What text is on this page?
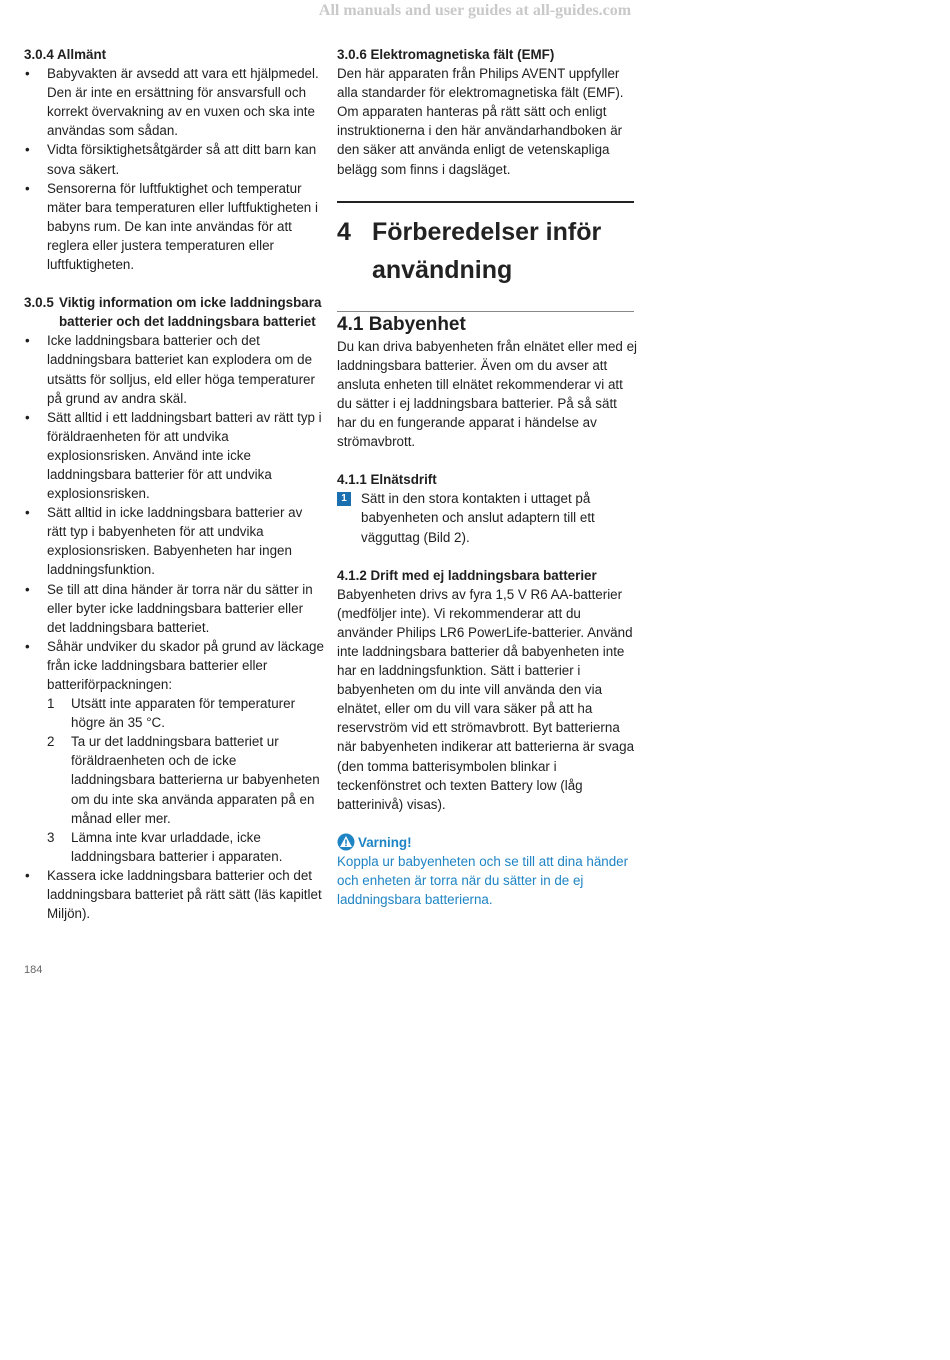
All manuals and user guides at all-guides.com
3.0.4 Allmänt
• Babyvakten är avsedd att vara ett hjälpmedel. Den är inte en ersättning för ansvarsfull och korrekt övervakning av en vuxen och ska inte användas som sådan.
• Vidta försiktighetsåtgärder så att ditt barn kan sova säkert.
• Sensorerna för luftfuktighet och temperatur mäter bara temperaturen eller luftfuktigheten i babyns rum. De kan inte användas för att reglera eller justera temperaturen eller luftfuktigheten.
3.0.5 Viktig information om icke laddningsbara batterier och det laddningsbara batteriet
• Icke laddningsbara batterier och det laddningsbara batteriet kan explodera om de utsätts för solljus, eld eller höga temperaturer på grund av andra skäl.
• Sätt alltid i ett laddningsbart batteri av rätt typ i föräldraenheten för att undvika explosionsrisken. Använd inte icke laddningsbara batterier för att undvika explosionsrisken.
• Sätt alltid in icke laddningsbara batterier av rätt typ i babyenheten för att undvika explosionsrisken. Babyenheten har ingen laddningsfunktion.
• Se till att dina händer är torra när du sätter in eller byter icke laddningsbara batterier eller det laddningsbara batteriet.
• Såhär undviker du skador på grund av läckage från icke laddningsbara batterier eller batteriförpackningen:
1 Utsätt inte apparaten för temperaturer högre än 35 °C.
2 Ta ur det laddningsbara batteriet ur föräldraenheten och de icke laddningsbara batterierna ur babyenheten om du inte ska använda apparaten på en månad eller mer.
3 Lämna inte kvar urladdade, icke laddningsbara batterier i apparaten.
• Kassera icke laddningsbara batterier och det laddningsbara batteriet på rätt sätt (läs kapitlet Miljön).
3.0.6 Elektromagnetiska fält (EMF)

Den här apparaten från Philips AVENT uppfyller alla standarder för elektromagnetiska fält (EMF). Om apparaten hanteras på rätt sätt och enligt instruktionerna i den här användarhandboken är den säker att använda enligt de vetenskapliga belägg som finns i dagsläget.

4 Förberedelser inför användning
4.1 Babyenhet

Du kan driva babyenheten från elnätet eller med ej laddningsbara batterier. Även om du avser att ansluta enheten till elnätet rekommenderar vi att du sätter i ej laddningsbara batterier. På så sätt har du en fungerande apparat i händelse av strömavbrott.

4.1.1 Elnätsdrift
1	Sätt in den stora kontakten i uttaget på babyenheten och anslut adaptern till ett vägguttag (Bild 2).
4.1.2 Drift med ej laddningsbara batterier

Babyenheten drivs av fyra 1,5 V R6 AA-batterier (medföljer inte). Vi rekommenderar att du använder Philips LR6 PowerLife-batterier. Använd inte laddningsbara batterier då babyenheten inte har en laddningsfunktion. Sätt i batterier i babyenheten om du inte vill använda den via elnätet, eller om du vill vara säker på att ha reservström vid ett strömavbrott. Byt batterierna när babyenheten indikerar att batterierna är svaga (den tomma batterisymbolen blinkar i teckenfönstret och texten Battery low (låg batterinivå) visas).

Varning!

Koppla ur babyenheten och se till att dina händer och enheten är torra när du sätter in de ej laddningsbara batterierna.

184
